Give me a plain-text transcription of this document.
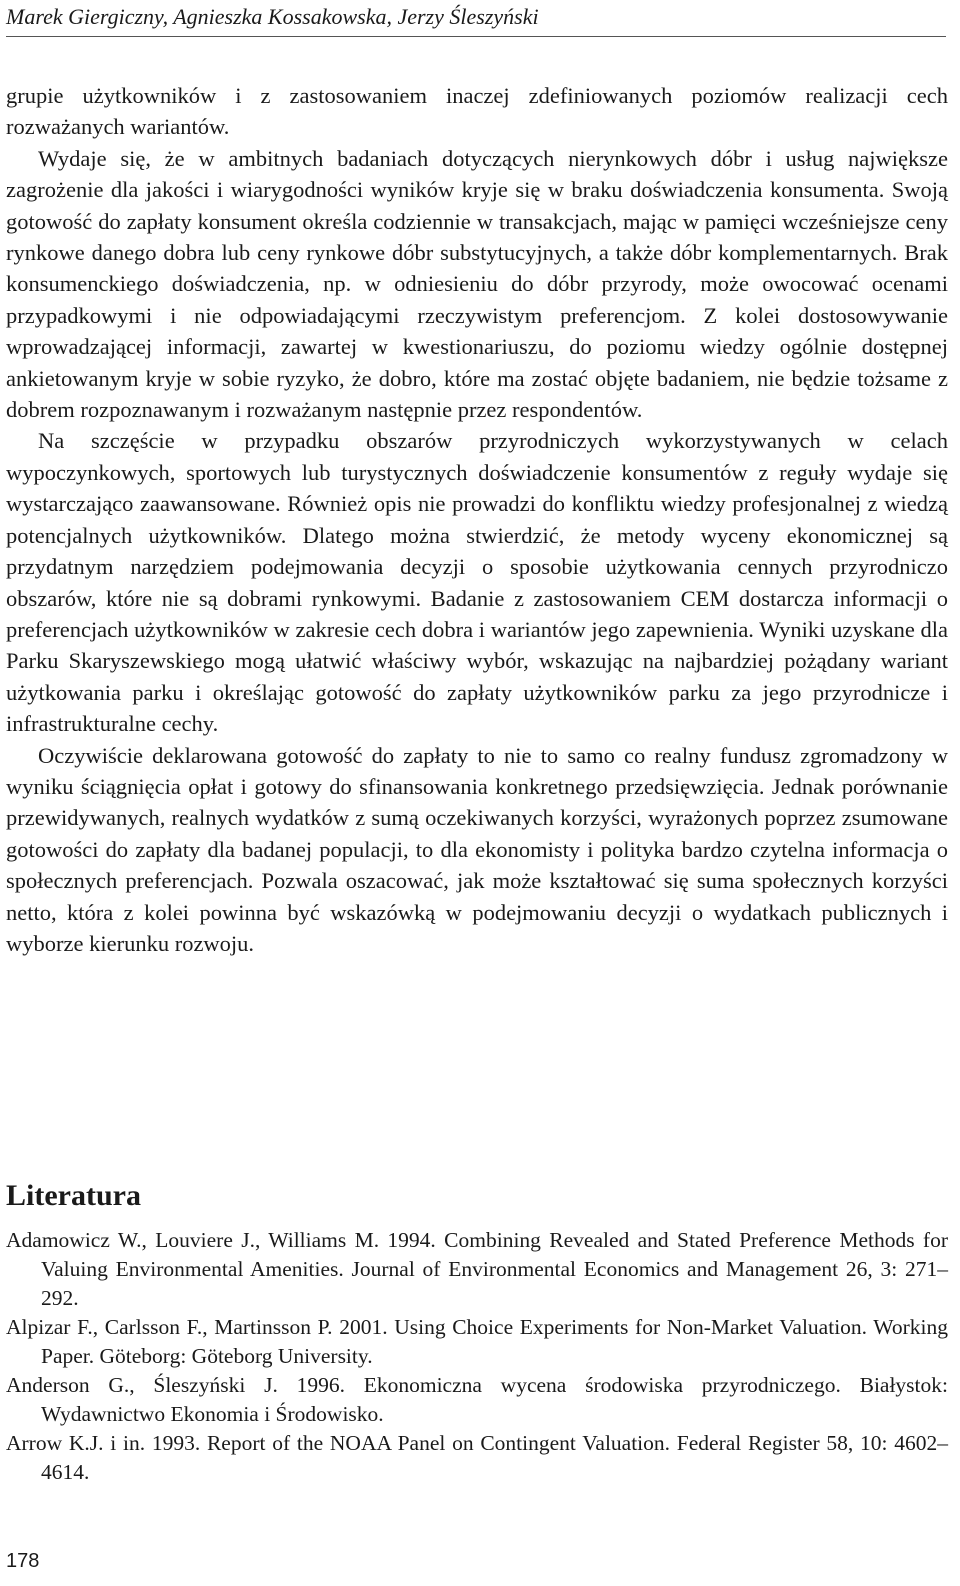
Marek Giergiczny, Agnieszka Kossakowska, Jerzy Śleszyński

grupie użytkowników i z zastosowaniem inaczej zdefiniowanych poziomów realizacji cech rozważanych wariantów.

Wydaje się, że w ambitnych badaniach dotyczących nierynkowych dóbr i usług największe zagrożenie dla jakości i wiarygodności wyników kryje się w braku doświadczenia konsumenta. Swoją gotowość do zapłaty konsument określa codziennie w transakcjach, mając w pamięci wcześniejsze ceny rynkowe danego dobra lub ceny rynkowe dóbr substytucyjnych, a także dóbr komplementarnych. Brak konsumenckiego doświadczenia, np. w odniesieniu do dóbr przyrody, może owocować ocenami przypadkowymi i nie odpowiadającymi rzeczywistym preferencjom. Z kolei dostosowywanie wprowadzającej informacji, zawartej w kwestionariuszu, do poziomu wiedzy ogólnie dostępnej ankietowanym kryje w sobie ryzyko, że dobro, które ma zostać objęte badaniem, nie będzie tożsame z dobrem rozpoznawanym i rozważanym następnie przez respondentów.

Na szczęście w przypadku obszarów przyrodniczych wykorzystywanych w celach wypoczynkowych, sportowych lub turystycznych doświadczenie konsumentów z reguły wydaje się wystarczająco zaawansowane. Również opis nie prowadzi do konfliktu wiedzy profesjonalnej z wiedzą potencjalnych użytkowników. Dlatego można stwierdzić, że metody wyceny ekonomicznej są przydatnym narzędziem podejmowania decyzji o sposobie użytkowania cennych przyrodniczo obszarów, które nie są dobrami rynkowymi. Badanie z zastosowaniem CEM dostarcza informacji o preferencjach użytkowników w zakresie cech dobra i wariantów jego zapewnienia. Wyniki uzyskane dla Parku Skaryszewskiego mogą ułatwić właściwy wybór, wskazując na najbardziej pożądany wariant użytkowania parku i określając gotowość do zapłaty użytkowników parku za jego przyrodnicze i infrastrukturalne cechy.

Oczywiście deklarowana gotowość do zapłaty to nie to samo co realny fundusz zgromadzony w wyniku ściągnięcia opłat i gotowy do sfinansowania konkretnego przedsięwzięcia. Jednak porównanie przewidywanych, realnych wydatków z sumą oczekiwanych korzyści, wyrażonych poprzez zsumowane gotowości do zapłaty dla badanej populacji, to dla ekonomisty i polityka bardzo czytelna informacja o społecznych preferencjach. Pozwala oszacować, jak może kształtować się suma społecznych korzyści netto, która z kolei powinna być wskazówką w podejmowaniu decyzji o wydatkach publicznych i wyborze kierunku rozwoju.

Literatura
Adamowicz W., Louviere J., Williams M. 1994. Combining Revealed and Stated Preference Methods for Valuing Environmental Amenities. Journal of Environmental Economics and Management 26, 3: 271–292.
Alpizar F., Carlsson F., Martinsson P. 2001. Using Choice Experiments for Non-Market Valuation. Working Paper. Göteborg: Göteborg University.
Anderson G., Śleszyński J. 1996. Ekonomiczna wycena środowiska przyrodniczego. Białystok: Wydawnictwo Ekonomia i Środowisko.
Arrow K.J. i in. 1993. Report of the NOAA Panel on Contingent Valuation. Federal Register 58, 10: 4602–4614.
178
